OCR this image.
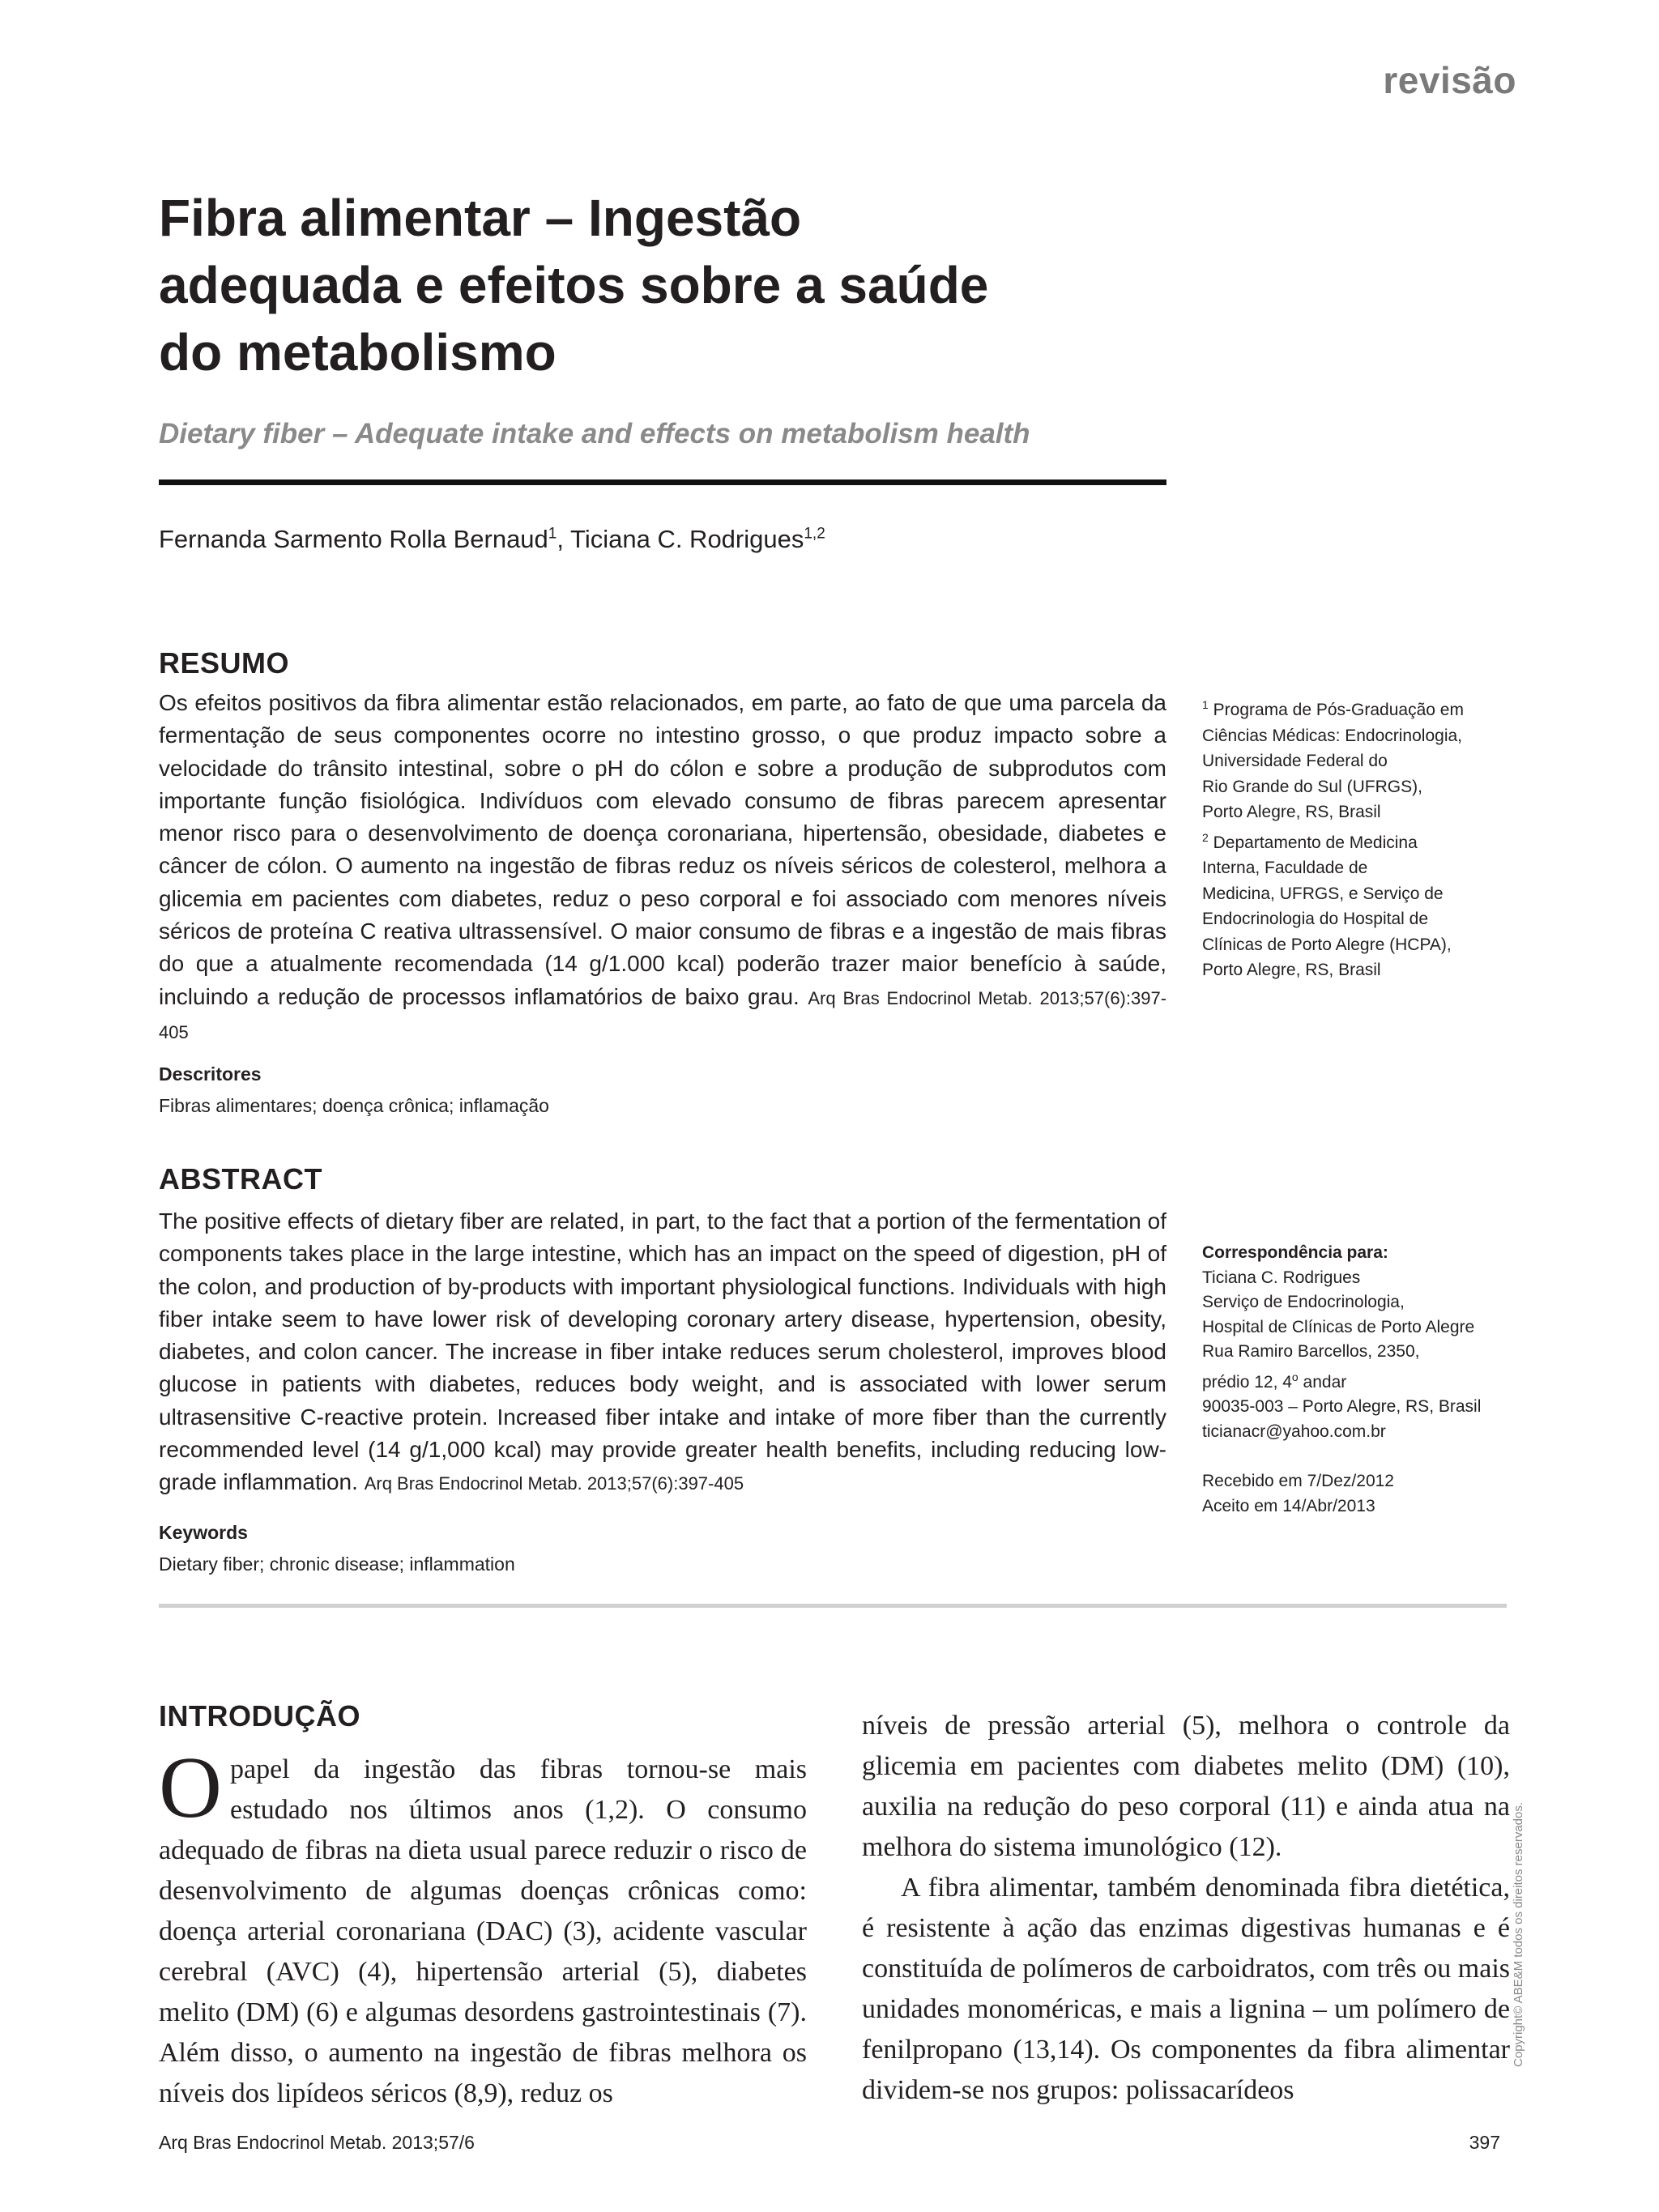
revisão
Fibra alimentar – Ingestão adequada e efeitos sobre a saúde do metabolismo

Dietary fiber – Adequate intake and effects on metabolism health

Fernanda Sarmento Rolla Bernaud$^1$, Ticiana C. Rodrigues$^{1,2}$
RESUMO

Os efeitos positivos da fibra alimentar estão relacionados, em parte, ao fato de que uma parcela da fermentação de seus componentes ocorre no intestino grosso, o que produz impacto sobre a velocidade do trânsito intestinal, sobre o pH do cólon e sobre a produção de subprodutos com importante função fisiológica. Indivíduos com elevado consumo de fibras parecem apresentar menor risco para o desenvolvimento de doença coronariana, hipertensão, obesidade, diabetes e câncer de cólon. O aumento na ingestão de fibras reduz os níveis séricos de colesterol, melhora a glicemia em pacientes com diabetes, reduz o peso corporal e foi associado com menores níveis séricos de proteína C reativa ultrassensível. O maior consumo de fibras e a ingestão de mais fibras do que a atualmente recomendada (14 g/1.000 kcal) poderão trazer maior benefício à saúde, incluindo a redução de processos inflamatórios de baixo grau. Arq Bras Endocrinol Metab. 2013;57(6):397-405

Descritores
Fibras alimentares; doença crônica; inflamação
ABSTRACT

The positive effects of dietary fiber are related, in part, to the fact that a portion of the fermentation of components takes place in the large intestine, which has an impact on the speed of digestion, pH of the colon, and production of by-products with important physiological functions. Individuals with high fiber intake seem to have lower risk of developing coronary artery disease, hypertension, obesity, diabetes, and colon cancer. The increase in fiber intake reduces serum cholesterol, improves blood glucose in patients with diabetes, reduces body weight, and is associated with lower serum ultrasensitive C-reactive protein. Increased fiber intake and intake of more fiber than the currently recommended level (14 g/1,000 kcal) may provide greater health benefits, including reducing low-grade inflammation. Arq Bras Endocrinol Metab. 2013;57(6):397-405

Keywords
Dietary fiber; chronic disease; inflammation
$^1$ Programa de Pós-Graduação em
Ciências Médicas: Endocrinologia,
Universidade Federal do
Rio Grande do Sul (UFRGS),
Porto Alegre, RS, Brasil
$^2$ Departamento de Medicina
Interna, Faculdade de
Medicina, UFRGS, e Serviço de
Endocrinologia do Hospital de
Clínicas de Porto Alegre (HCPA),
Porto Alegre, RS, Brasil
Correspondência para:
Ticiana C. Rodrigues
Serviço de Endocrinologia,
Hospital de Clínicas de Porto Alegre
Rua Ramiro Barcellos, 2350,
prédio 12, 4$^o$ andar
90035-003 – Porto Alegre, RS, Brasil
ticianacr@yahoo.com.br
Recebido em 7/Dez/2012
Aceito em 14/Abr/2013
INTRODUÇÃO

Opapel da ingestão das fibras tornou-se mais estudado nos últimos anos (1,2). O consumo adequado de fibras na dieta usual parece reduzir o risco de desenvolvimento de algumas doenças crônicas como: doença arterial coronariana (DAC) (3), acidente vascular cerebral (AVC) (4), hipertensão arterial (5), diabetes melito (DM) (6) e algumas desordens gastrointestinais (7). Além disso, o aumento na ingestão de fibras melhora os níveis dos lipídeos séricos (8,9), reduz os

níveis de pressão arterial (5), melhora o controle da glicemia em pacientes com diabetes melito (DM) (10), auxilia na redução do peso corporal (11) e ainda atua na melhora do sistema imunológico (12).

A fibra alimentar, também denominada fibra dietética, é resistente à ação das enzimas digestivas humanas e é constituída de polímeros de carboidratos, com três ou mais unidades monoméricas, e mais a lignina – um polímero de fenilpropano (13,14). Os componentes da fibra alimentar dividem-se nos grupos: polissacarídeos

Copyright© ABE&M todos os direitos reservados.
Arq Bras Endocrinol Metab. 2013;57/6	397
